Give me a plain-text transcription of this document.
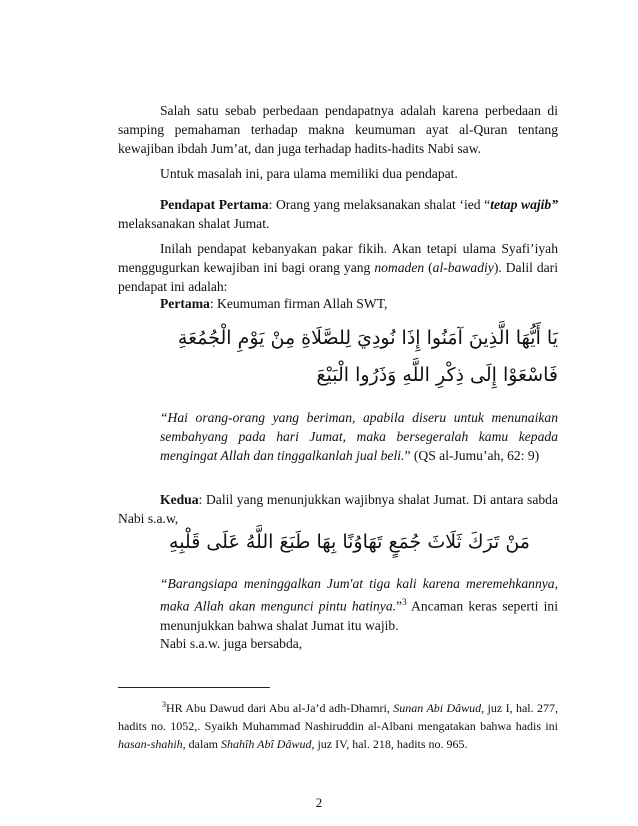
Salah satu sebab perbedaan pendapatnya adalah karena perbedaan di samping pemahaman terhadap makna keumuman ayat al-Quran tentang kewajiban ibdah Jum’at, dan juga terhadap hadits-hadits Nabi saw.

Untuk masalah ini, para ulama memiliki dua pendapat.

Pendapat Pertama: Orang yang melaksanakan shalat ‘ied “tetap wajib” melaksanakan shalat Jumat.

Inilah pendapat kebanyakan pakar fikih. Akan tetapi ulama Syafi’iyah menggugurkan kewajiban ini bagi orang yang nomaden (al-bawadiy). Dalil dari pendapat ini adalah:

Pertama: Keumuman firman Allah SWT,

يَا أَيُّهَا الَّذِينَ آمَنُوا إِذَا نُودِيَ لِلصَّلَاةِ مِنْ يَوْمِ الْجُمُعَةِ
فَاسْعَوْا إِلَى ذِكْرِ اللَّهِ وَذَرُوا الْبَيْعَ

“Hai orang-orang yang beriman, apabila diseru untuk menunaikan sembahyang pada hari Jumat, maka bersegeralah kamu kepada mengingat Allah dan tinggalkanlah jual beli.” (QS al-Jumu’ah, 62: 9)

Kedua: Dalil yang menunjukkan wajibnya shalat Jumat. Di antara sabda Nabi s.a.w,

مَنْ تَرَكَ ثَلَاثَ جُمَعٍ تَهَاوُنًا بِهَا طَبَعَ اللَّهُ عَلَى قَلْبِهِ

“Barangsiapa meninggalkan Jum'at tiga kali karena meremehkannya, maka Allah akan mengunci pintu hatinya.”$^3$ Ancaman keras seperti ini menunjukkan bahwa shalat Jumat itu wajib.

Nabi s.a.w. juga bersabda,

$^3$HR Abu Dawud dari Abu al-Ja’d adh-Dhamri, Sunan Abi Dâwud, juz I, hal. 277, hadits no. 1052,. Syaikh Muhammad Nashiruddin al-Albani mengatakan bahwa hadis ini hasan-shahih, dalam Shahîh Abî Dâwud, juz IV, hal. 218, hadits no. 965.

2
